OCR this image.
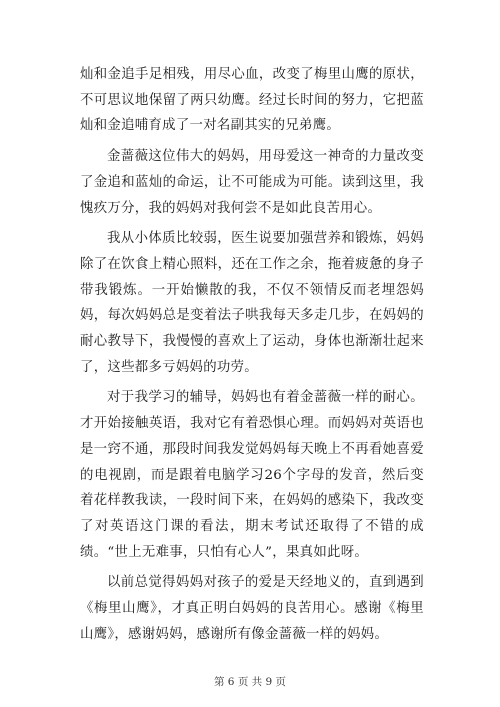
灿和金追手足相残，用尽心血，改变了梅里山鹰的原状，不可思议地保留了两只幼鹰。经过长时间的努力，它把蓝灿和金追哺育成了一对名副其实的兄弟鹰。

金蔷薇这位伟大的妈妈，用母爱这一神奇的力量改变了金追和蓝灿的命运，让不可能成为可能。读到这里，我愧疚万分，我的妈妈对我何尝不是如此良苦用心。

我从小体质比较弱，医生说要加强营养和锻炼，妈妈除了在饮食上精心照料，还在工作之余，拖着疲惫的身子带我锻炼。一开始懒散的我，不仅不领情反而老埋怨妈妈，每次妈妈总是变着法子哄我每天多走几步，在妈妈的耐心教导下，我慢慢的喜欢上了运动，身体也渐渐壮起来了，这些都多亏妈妈的功劳。

对于我学习的辅导，妈妈也有着金蔷薇一样的耐心。才开始接触英语，我对它有着恐惧心理。而妈妈对英语也是一窍不通，那段时间我发觉妈妈每天晚上不再看她喜爱的电视剧，而是跟着电脑学习26个字母的发音，然后变着花样教我读，一段时间下来，在妈妈的感染下，我改变了对英语这门课的看法，期末考试还取得了不错的成绩。“世上无难事，只怕有心人”，果真如此呀。

以前总觉得妈妈对孩子的爱是天经地义的，直到遇到《梅里山鹰》，才真正明白妈妈的良苦用心。感谢《梅里山鹰》，感谢妈妈，感谢所有像金蔷薇一样的妈妈。

第 6 页 共 9 页
